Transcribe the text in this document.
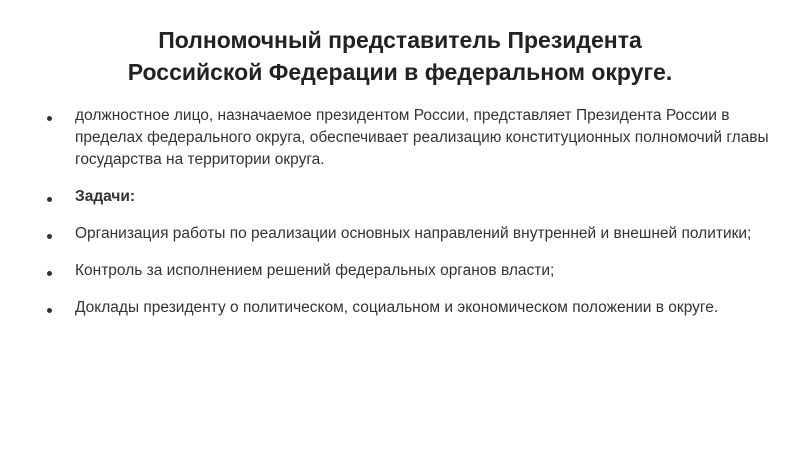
Полномочный представитель Президента
Российской Федерации в федеральном округе.
должностное лицо, назначаемое президентом России, представляет Президента России в пределах федерального округа, обеспечивает реализацию конституционных полномочий главы государства на территории округа.
Задачи:
Организация работы по реализации основных направлений внутренней и внешней политики;
Контроль за исполнением решений федеральных органов власти;
Доклады президенту о политическом, социальном и экономическом положении в округе.
